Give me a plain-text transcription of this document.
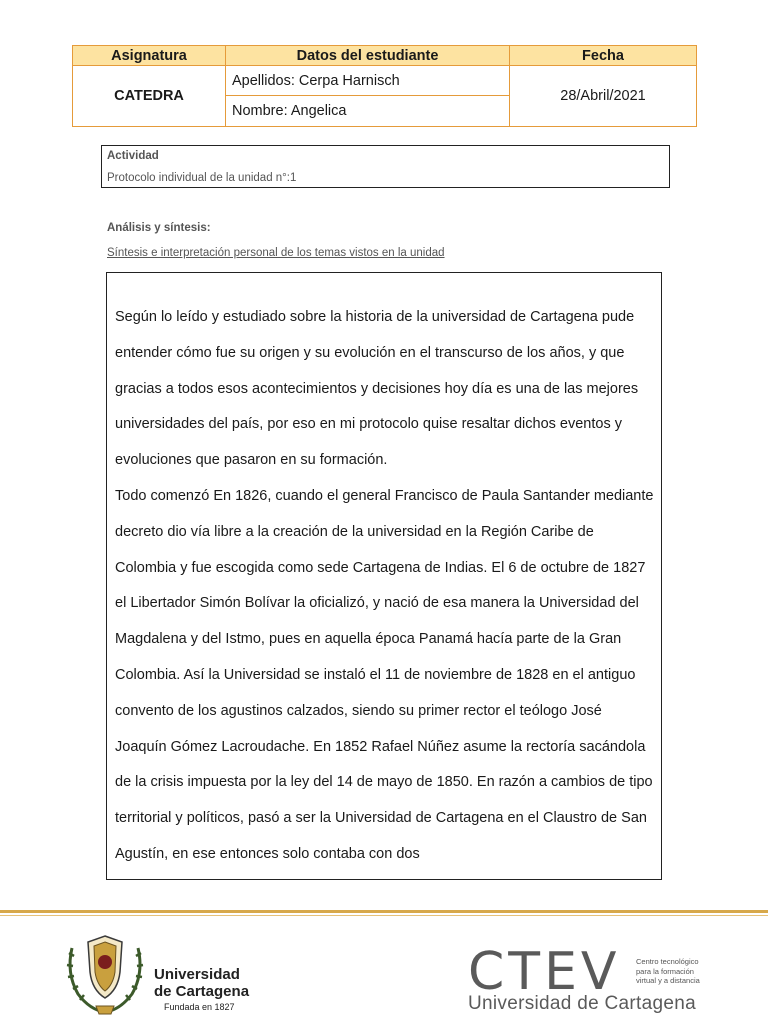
Asignatura	Datos del estudiante	Fecha
CATEDRA
Apellidos: Cerpa Harnisch
Nombre: Angelica
28/Abril/2021
Actividad
Protocolo individual de la unidad n°:1
Análisis y síntesis:
Síntesis e interpretación personal de los temas vistos en la unidad

Según lo leído y estudiado sobre la historia de la universidad de Cartagena pude entender cómo fue su origen y su evolución en el transcurso de los años, y que gracias a todos esos acontecimientos y decisiones hoy día es una de las mejores universidades del país, por eso en mi protocolo quise resaltar dichos eventos y evoluciones que pasaron en su formación.

Todo comenzó En 1826, cuando el general Francisco de Paula Santander mediante decreto dio vía libre a la creación de la universidad en la Región Caribe de Colombia y fue escogida como sede Cartagena de Indias. El 6 de octubre de 1827 el Libertador Simón Bolívar la oficializó, y nació de esa manera la Universidad del Magdalena y del Istmo, pues en aquella época Panamá hacía parte de la Gran Colombia. Así la Universidad se instaló el 11 de noviembre de 1828 en el antiguo convento de los agustinos calzados, siendo su primer rector el teólogo José Joaquín Gómez Lacroudache. En 1852 Rafael Núñez asume la rectoría sacándola de la crisis impuesta por la ley del 14 de mayo de 1850. En razón a cambios de tipo territorial y políticos, pasó a ser la Universidad de Cartagena en el Claustro de San Agustín, en ese entonces solo contaba con dos

Universidad
de Cartagena
Fundada en 1827
CTEV Centro tecnológico
para la formación
virtual y a distancia
Universidad de Cartagena
